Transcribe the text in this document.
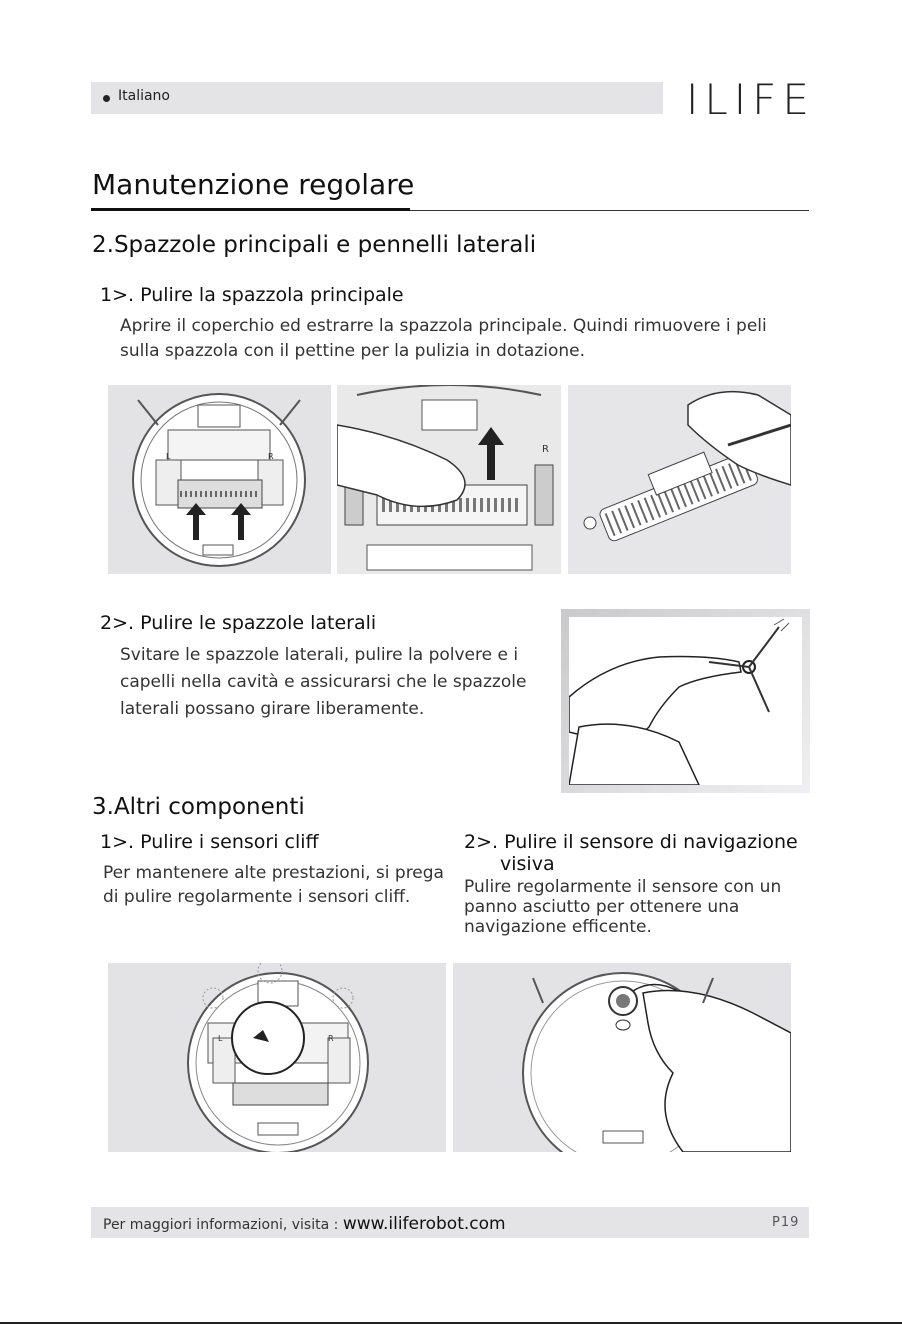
Italiano	ILIFE
Manutenzione regolare
2.Spazzole principali e pennelli laterali
1>. Pulire la spazzola principale
Aprire il coperchio ed estrarre la spazzola principale. Quindi rimuovere i peli
sulla spazzola con il pettine per la pulizia in dotazione.
L	R
R
2>. Pulire le spazzole laterali
Svitare le spazzole laterali, pulire la polvere e i
capelli nella cavità e assicurarsi che le spazzole
laterali possano girare liberamente.
3.Altri componenti
1>. Pulire i sensori cliff
Per mantenere alte prestazioni, si prega
di pulire regolarmente i sensori cliff.
2>. Pulire il sensore di navigazione
visiva
Pulire regolarmente il sensore con un
panno asciutto per ottenere una
navigazione efficente.
L	R
Per maggiori informazioni, visita : www.iliferobot.com	P19
